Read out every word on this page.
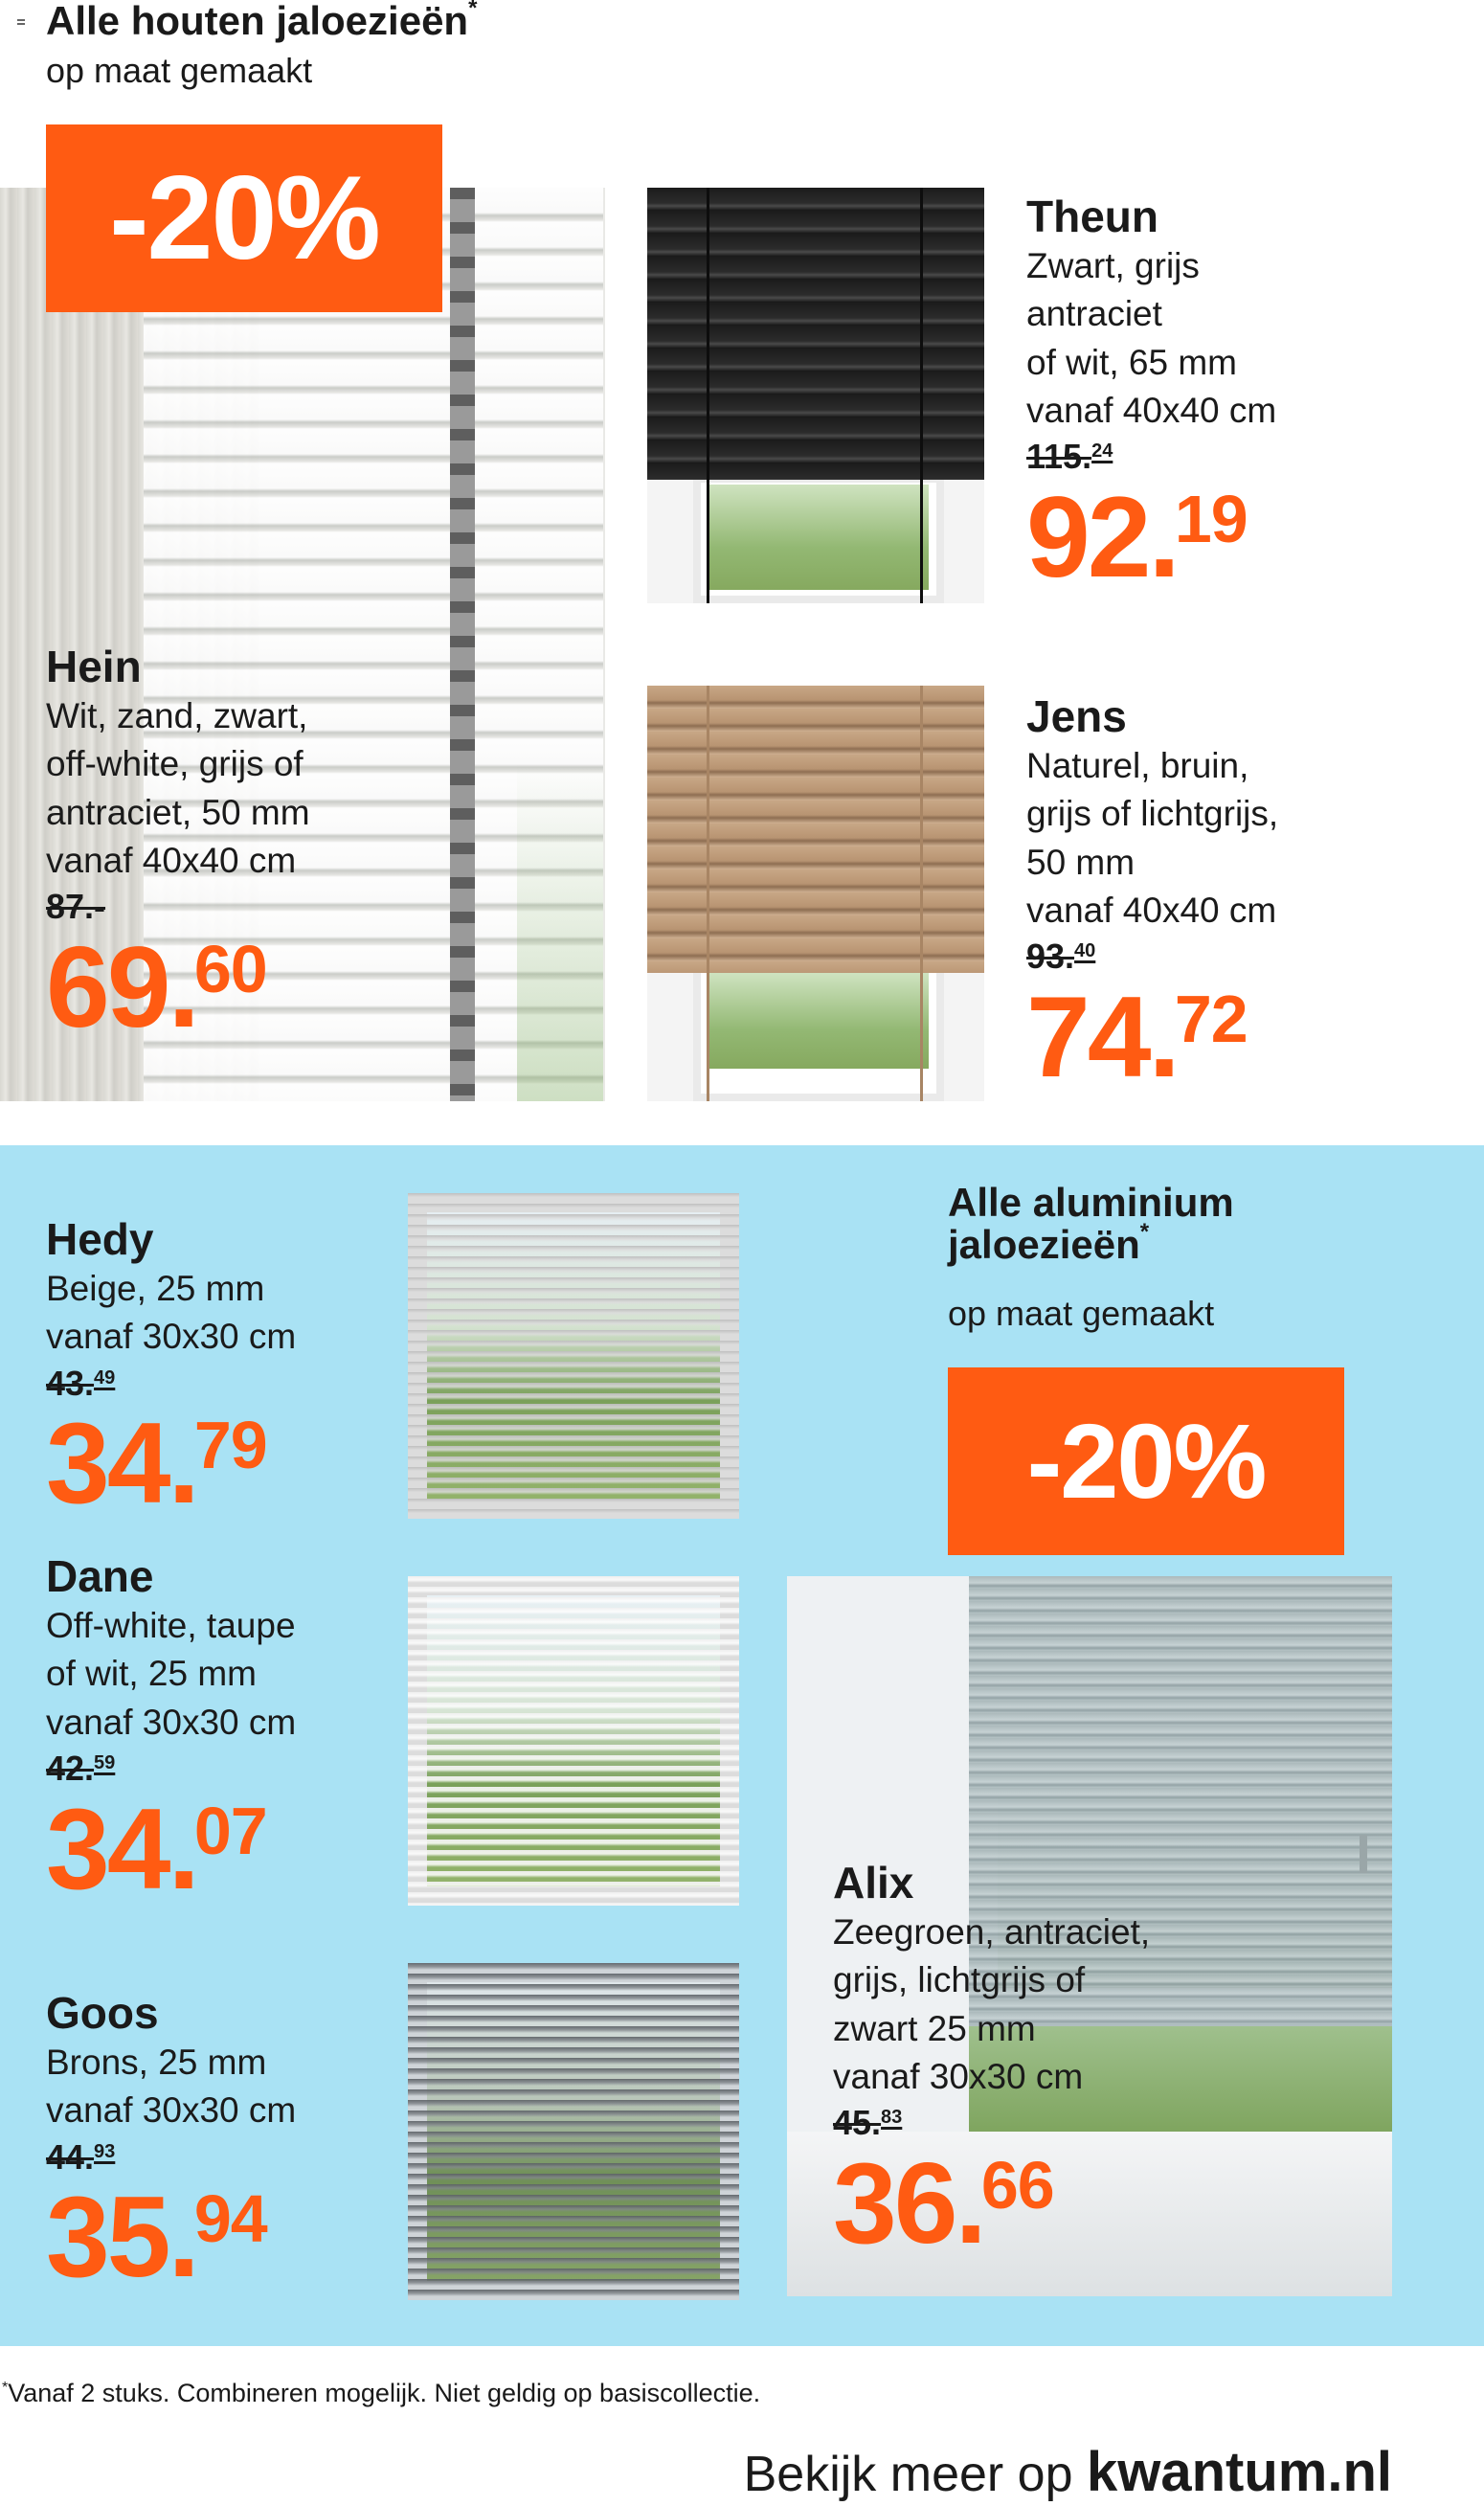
Alle houten jaloezieën*
op maat gemaakt
-20%
Hein
Wit, zand, zwart,
off-white, grijs of
antraciet, 50 mm
vanaf 40x40 cm
87.-
69.60
Theun
Zwart, grijs
antraciet
of wit, 65 mm
vanaf 40x40 cm
115.24
92.19
Jens
Naturel, bruin,
grijs of lichtgrijs,
50 mm
vanaf 40x40 cm
93.40
74.72
Hedy
Beige, 25 mm
vanaf 30x30 cm
43.49
34.79
Dane
Off-white, taupe
of wit, 25 mm
vanaf 30x30 cm
42.59
34.07
Goos
Brons, 25 mm
vanaf 30x30 cm
44.93
35.94
Alle aluminium
jaloezieën*
op maat gemaakt
-20%
Alix
Zeegroen, antraciet,
grijs, lichtgrijs of
zwart 25 mm
vanaf 30x30 cm
45.83
36.66
*Vanaf 2 stuks. Combineren mogelijk. Niet geldig op basiscollectie.
Bekijk meer op kwantum.nl
